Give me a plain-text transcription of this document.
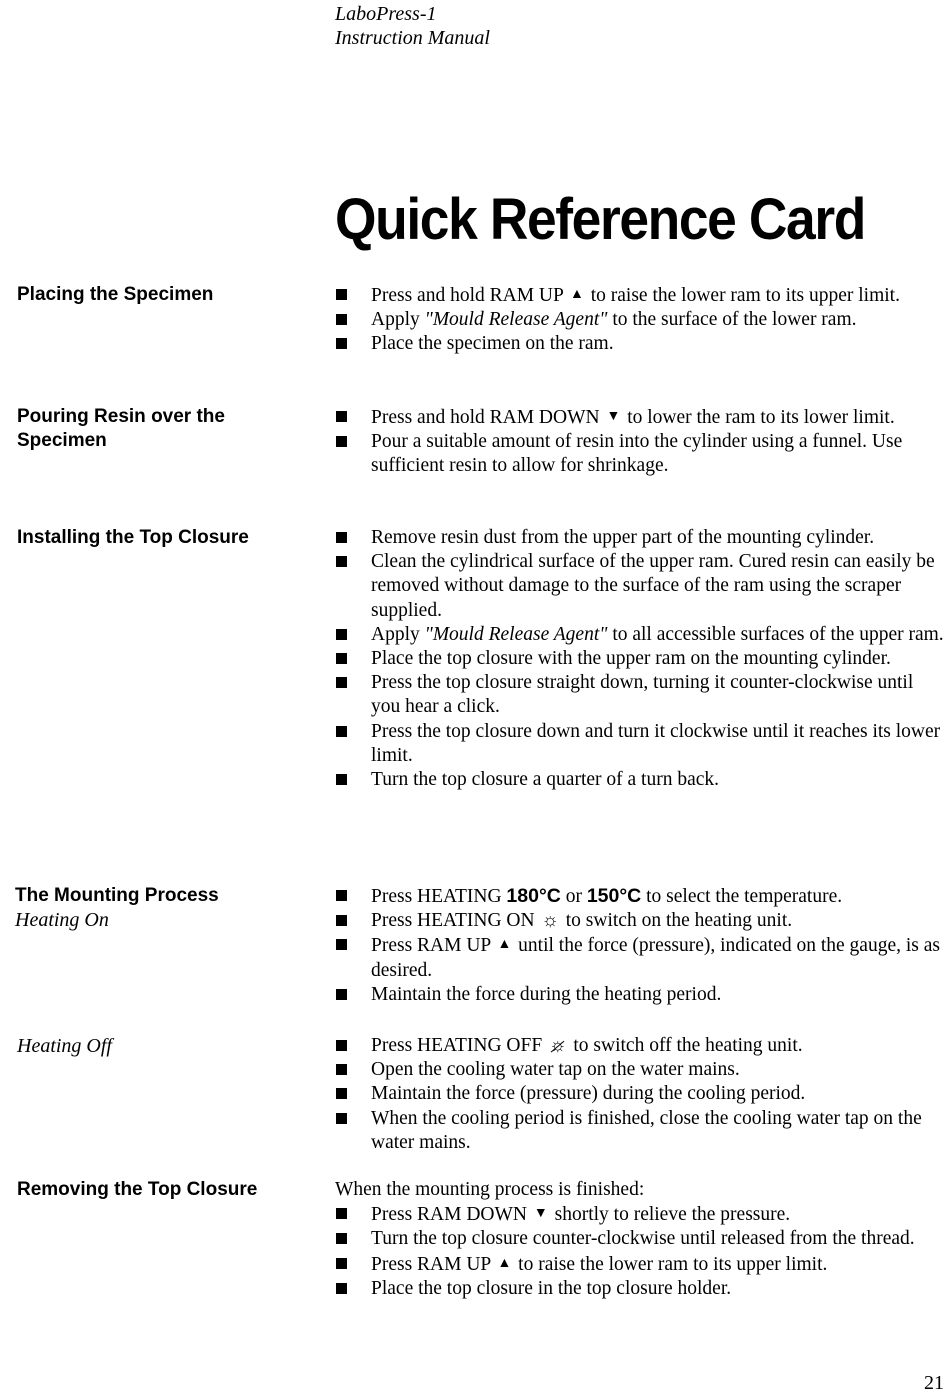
LaboPress-1
Instruction Manual
Quick Reference Card
Placing the Specimen	Press and hold RAM UP ▲ to raise the lower ram to its upper limit.
Apply "Mould Release Agent" to the surface of the lower ram.
Place the specimen on the ram.
Pouring Resin over the Specimen
Press and hold RAM DOWN ▼ to lower the ram to its lower limit.
Pour a suitable amount of resin into the cylinder using a funnel. Use sufficient resin to allow for shrinkage.
Installing the Top Closure	Remove resin dust from the upper part of the mounting cylinder.
Clean the cylindrical surface of the upper ram. Cured resin can easily be removed without damage to the surface of the ram using the scraper supplied.
Apply "Mould Release Agent" to all accessible surfaces of the upper ram.
Place the top closure with the upper ram on the mounting cylinder.
Press the top closure straight down, turning it counter-clockwise until you hear a click.
Press the top closure down and turn it clockwise until it reaches its lower limit.
Turn the top closure a quarter of a turn back.
The Mounting Process
Heating On
Press HEATING 180°C or 150°C to select the temperature.
Press HEATING ON ☼ to switch on the heating unit.
Press RAM UP ▲ until the force (pressure), indicated on the gauge, is as desired.
Maintain the force during the heating period.
Heating Off	Press HEATING OFF ☼ to switch off the heating unit.
Open the cooling water tap on the water mains.
Maintain the force (pressure) during the cooling period.
When the cooling period is finished, close the cooling water tap on the water mains.
Removing the Top Closure	When the mounting process is finished:
Press RAM DOWN ▼ shortly to relieve the pressure.
Turn the top closure counter-clockwise until released from the thread.
Press RAM UP ▲ to raise the lower ram to its upper limit.
Place the top closure in the top closure holder.
21
